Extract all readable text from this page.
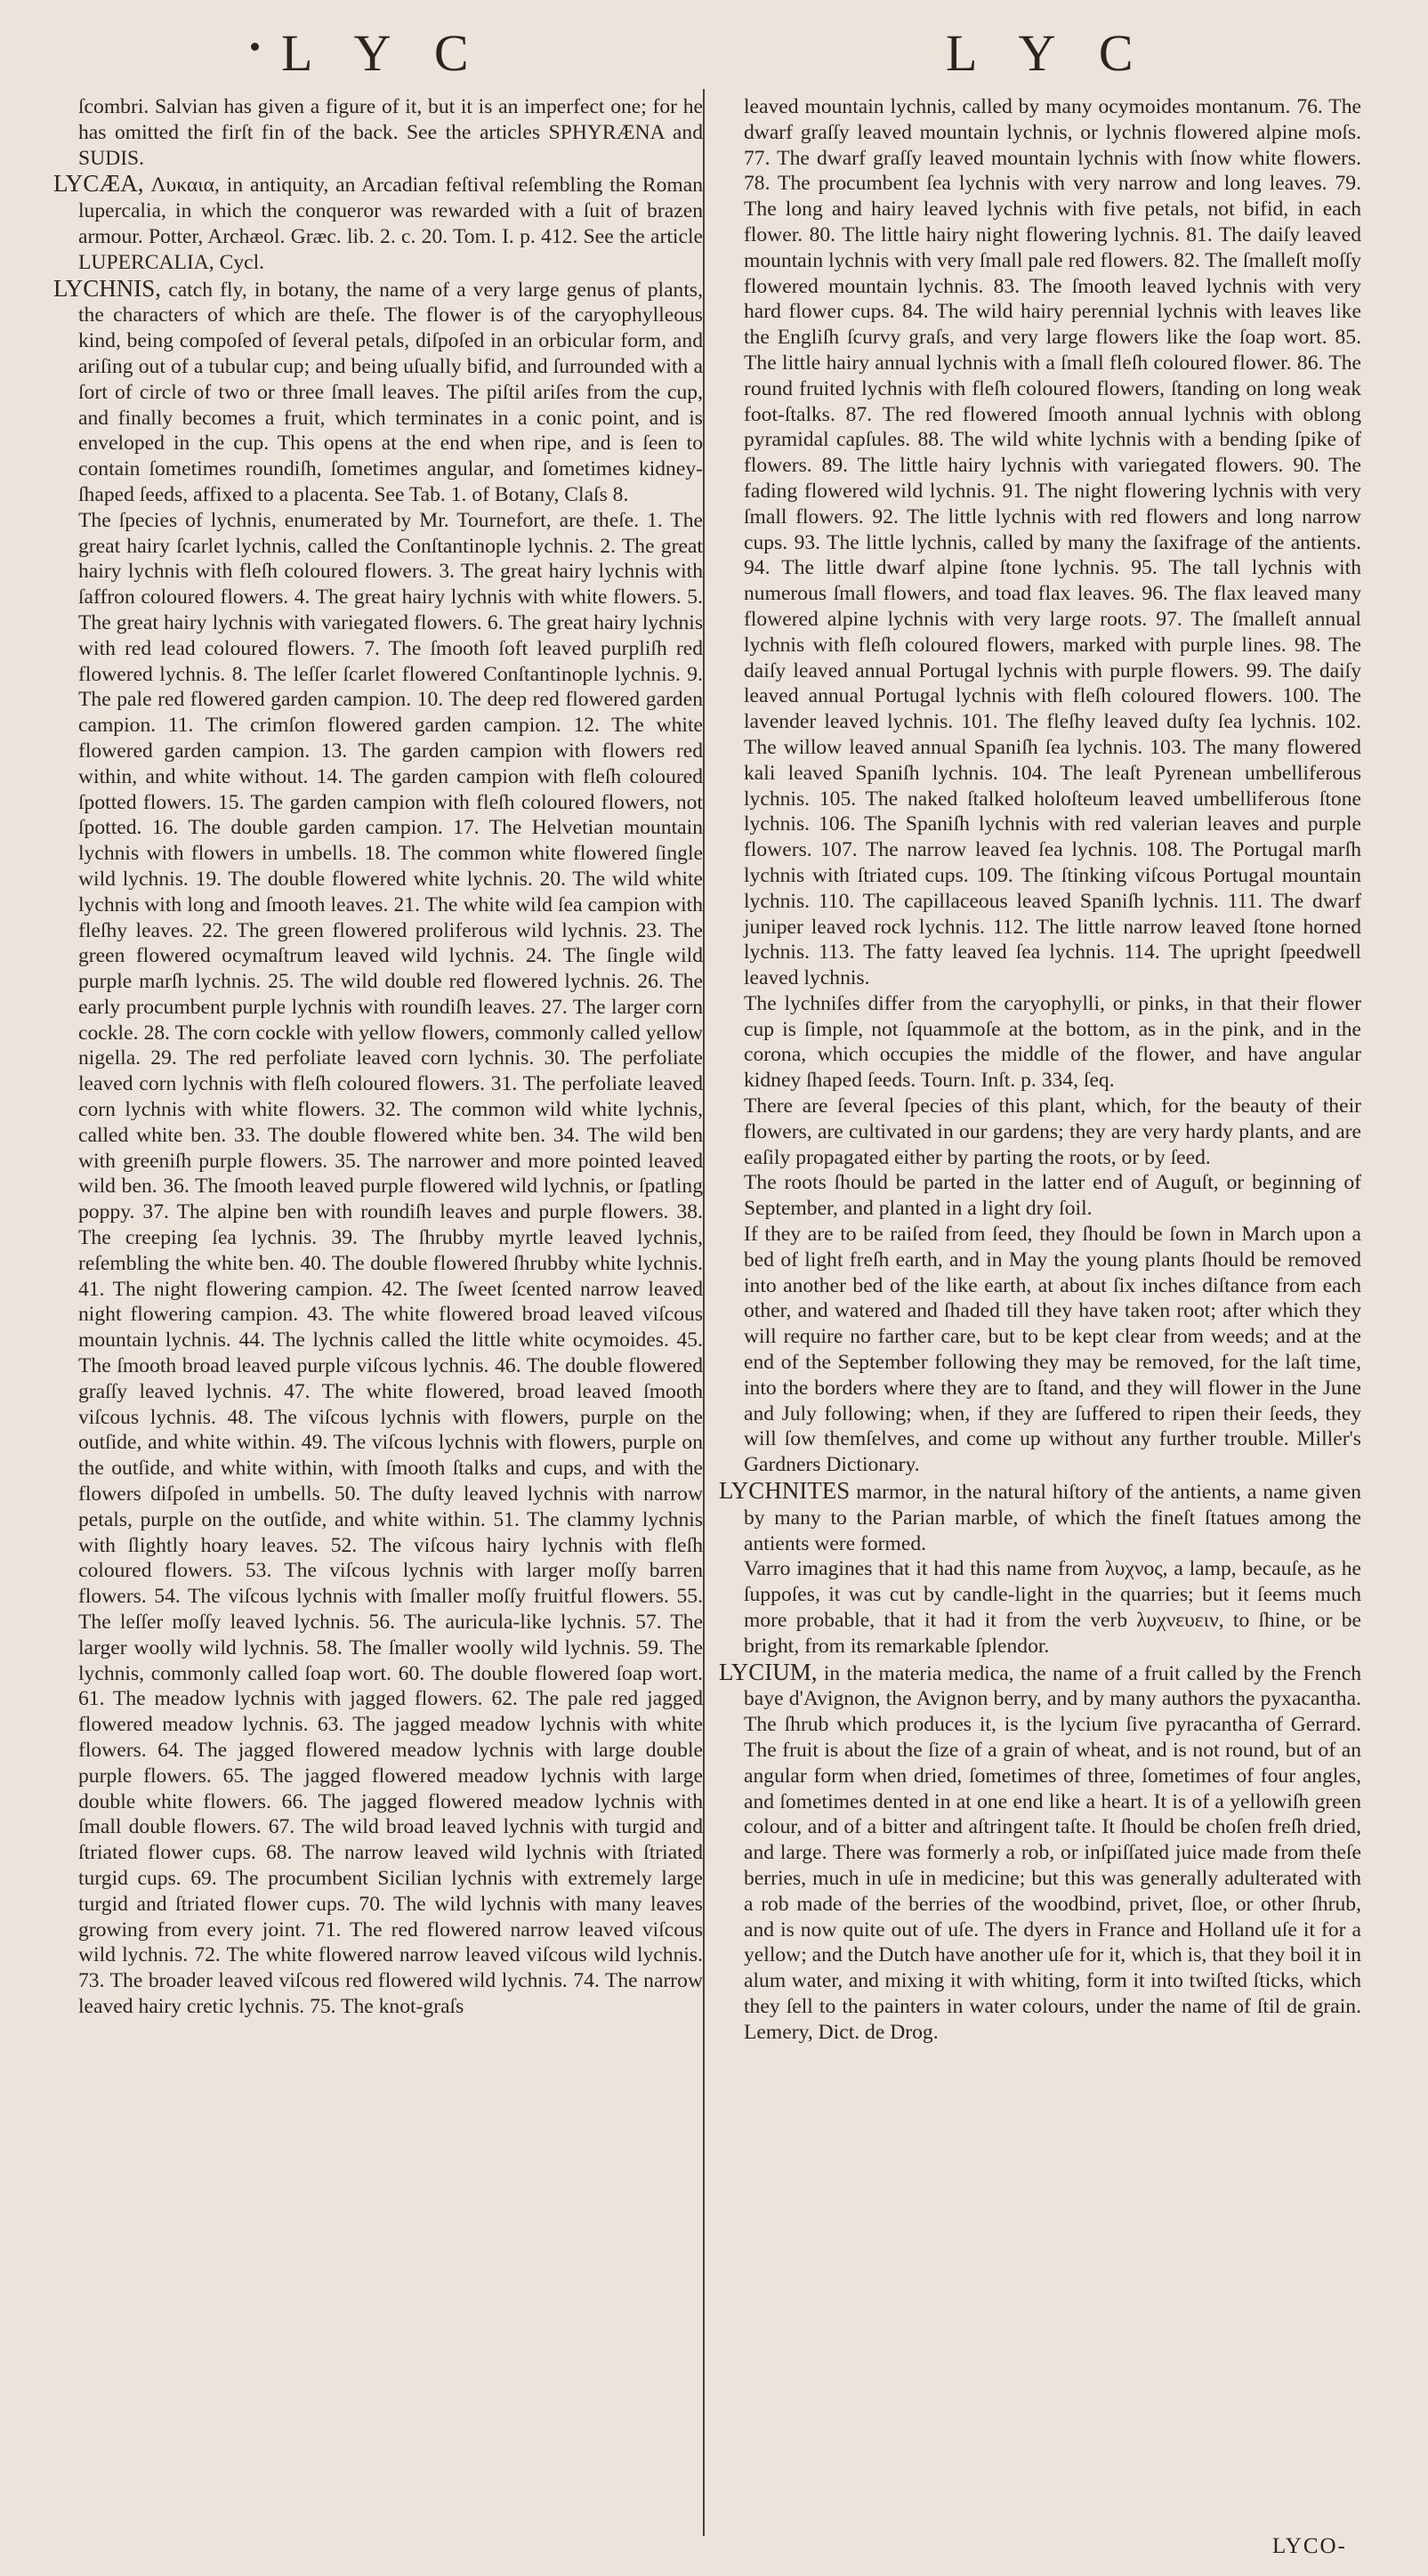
L Y C	L Y C

ſcombri. Salvian has given a figure of it, but it is an imperfect one; for he has omitted the firſt fin of the back. See the articles SPHYRÆNA and SUDIS.

LYCÆA, Λυκαια, in antiquity, an Arcadian feſtival reſembling the Roman lupercalia, in which the conqueror was rewarded with a ſuit of brazen armour. Potter, Archæol. Græc. lib. 2. c. 20. Tom. I. p. 412. See the article LUPERCALIA, Cycl.

LYCHNIS, catch fly, in botany, the name of a very large genus of plants, the characters of which are theſe. The flower is of the caryophylleous kind, being compoſed of ſeveral petals, diſpoſed in an orbicular form, and ariſing out of a tubular cup; and being uſually bifid, and ſurrounded with a ſort of circle of two or three ſmall leaves. The piſtil ariſes from the cup, and finally becomes a fruit, which terminates in a conic point, and is enveloped in the cup. This opens at the end when ripe, and is ſeen to contain ſometimes roundiſh, ſometimes angular, and ſometimes kidney-ſhaped ſeeds, affixed to a placenta. See Tab. 1. of Botany, Claſs 8.

The ſpecies of lychnis, enumerated by Mr. Tournefort, are theſe. 1. The great hairy ſcarlet lychnis, called the Conſtantinople lychnis. 2. The great hairy lychnis with fleſh coloured flowers. 3. The great hairy lychnis with ſaffron coloured flowers. 4. The great hairy lychnis with white flowers. 5. The great hairy lychnis with variegated flowers. 6. The great hairy lychnis with red lead coloured flowers. 7. The ſmooth ſoft leaved purpliſh red flowered lychnis. 8. The leſſer ſcarlet flowered Conſtantinople lychnis. 9. The pale red flowered garden campion. 10. The deep red flowered garden campion. 11. The crimſon flowered garden campion. 12. The white flowered garden campion. 13. The garden campion with flowers red within, and white without. 14. The garden campion with fleſh coloured ſpotted flowers. 15. The garden campion with fleſh coloured flowers, not ſpotted. 16. The double garden campion. 17. The Helvetian mountain lychnis with flowers in umbells. 18. The common white flowered ſingle wild lychnis. 19. The double flowered white lychnis. 20. The wild white lychnis with long and ſmooth leaves. 21. The white wild ſea campion with fleſhy leaves. 22. The green flowered proliferous wild lychnis. 23. The green flowered ocymaſtrum leaved wild lychnis. 24. The ſingle wild purple marſh lychnis. 25. The wild double red flowered lychnis. 26. The early procumbent purple lychnis with roundiſh leaves. 27. The larger corn cockle. 28. The corn cockle with yellow flowers, commonly called yellow nigella. 29. The red perfoliate leaved corn lychnis. 30. The perfoliate leaved corn lychnis with fleſh coloured flowers. 31. The perfoliate leaved corn lychnis with white flowers. 32. The common wild white lychnis, called white ben. 33. The double flowered white ben. 34. The wild ben with greeniſh purple flowers. 35. The narrower and more pointed leaved wild ben. 36. The ſmooth leaved purple flowered wild lychnis, or ſpatling poppy. 37. The alpine ben with roundiſh leaves and purple flowers. 38. The creeping ſea lychnis. 39. The ſhrubby myrtle leaved lychnis, reſembling the white ben. 40. The double flowered ſhrubby white lychnis. 41. The night flowering campion. 42. The ſweet ſcented narrow leaved night flowering campion. 43. The white flowered broad leaved viſcous mountain lychnis. 44. The lychnis called the little white ocymoides. 45. The ſmooth broad leaved purple viſcous lychnis. 46. The double flowered graſſy leaved lychnis. 47. The white flowered, broad leaved ſmooth viſcous lychnis. 48. The viſcous lychnis with flowers, purple on the outſide, and white within. 49. The viſcous lychnis with flowers, purple on the outſide, and white within, with ſmooth ſtalks and cups, and with the flowers diſpoſed in umbells. 50. The duſty leaved lychnis with narrow petals, purple on the outſide, and white within. 51. The clammy lychnis with ſlightly hoary leaves. 52. The viſcous hairy lychnis with fleſh coloured flowers. 53. The viſcous lychnis with larger moſſy barren flowers. 54. The viſcous lychnis with ſmaller moſſy fruitful flowers. 55. The leſſer moſſy leaved lychnis. 56. The auricula-like lychnis. 57. The larger woolly wild lychnis. 58. The ſmaller woolly wild lychnis. 59. The lychnis, commonly called ſoap wort. 60. The double flowered ſoap wort. 61. The meadow lychnis with jagged flowers. 62. The pale red jagged flowered meadow lychnis. 63. The jagged meadow lychnis with white flowers. 64. The jagged flowered meadow lychnis with large double purple flowers. 65. The jagged flowered meadow lychnis with large double white flowers. 66. The jagged flowered meadow lychnis with ſmall double flowers. 67. The wild broad leaved lychnis with turgid and ſtriated flower cups. 68. The narrow leaved wild lychnis with ſtriated turgid cups. 69. The procumbent Sicilian lychnis with extremely large turgid and ſtriated flower cups. 70. The wild lychnis with many leaves growing from every joint. 71. The red flowered narrow leaved viſcous wild lychnis. 72. The white flowered narrow leaved viſcous wild lychnis. 73. The broader leaved viſcous red flowered wild lychnis. 74. The narrow leaved hairy cretic lychnis. 75. The knot-graſs

leaved mountain lychnis, called by many ocymoides montanum. 76. The dwarf graſſy leaved mountain lychnis, or lychnis flowered alpine moſs. 77. The dwarf graſſy leaved mountain lychnis with ſnow white flowers. 78. The procumbent ſea lychnis with very narrow and long leaves. 79. The long and hairy leaved lychnis with five petals, not bifid, in each flower. 80. The little hairy night flowering lychnis. 81. The daiſy leaved mountain lychnis with very ſmall pale red flowers. 82. The ſmalleſt moſſy flowered mountain lychnis. 83. The ſmooth leaved lychnis with very hard flower cups. 84. The wild hairy perennial lychnis with leaves like the Engliſh ſcurvy graſs, and very large flowers like the ſoap wort. 85. The little hairy annual lychnis with a ſmall fleſh coloured flower. 86. The round fruited lychnis with fleſh coloured flowers, ſtanding on long weak foot-ſtalks. 87. The red flowered ſmooth annual lychnis with oblong pyramidal capſules. 88. The wild white lychnis with a bending ſpike of flowers. 89. The little hairy lychnis with variegated flowers. 90. The fading flowered wild lychnis. 91. The night flowering lychnis with very ſmall flowers. 92. The little lychnis with red flowers and long narrow cups. 93. The little lychnis, called by many the ſaxifrage of the antients. 94. The little dwarf alpine ſtone lychnis. 95. The tall lychnis with numerous ſmall flowers, and toad flax leaves. 96. The flax leaved many flowered alpine lychnis with very large roots. 97. The ſmalleſt annual lychnis with fleſh coloured flowers, marked with purple lines. 98. The daiſy leaved annual Portugal lychnis with purple flowers. 99. The daiſy leaved annual Portugal lychnis with fleſh coloured flowers. 100. The lavender leaved lychnis. 101. The fleſhy leaved duſty ſea lychnis. 102. The willow leaved annual Spaniſh ſea lychnis. 103. The many flowered kali leaved Spaniſh lychnis. 104. The leaſt Pyrenean umbelliferous lychnis. 105. The naked ſtalked holoſteum leaved umbelliferous ſtone lychnis. 106. The Spaniſh lychnis with red valerian leaves and purple flowers. 107. The narrow leaved ſea lychnis. 108. The Portugal marſh lychnis with ſtriated cups. 109. The ſtinking viſcous Portugal mountain lychnis. 110. The capillaceous leaved Spaniſh lychnis. 111. The dwarf juniper leaved rock lychnis. 112. The little narrow leaved ſtone horned lychnis. 113. The fatty leaved ſea lychnis. 114. The upright ſpeedwell leaved lychnis.

The lychniſes differ from the caryophylli, or pinks, in that their flower cup is ſimple, not ſquammoſe at the bottom, as in the pink, and in the corona, which occupies the middle of the flower, and have angular kidney ſhaped ſeeds. Tourn. Inſt. p. 334, ſeq.

There are ſeveral ſpecies of this plant, which, for the beauty of their flowers, are cultivated in our gardens; they are very hardy plants, and are eaſily propagated either by parting the roots, or by ſeed.

The roots ſhould be parted in the latter end of Auguſt, or beginning of September, and planted in a light dry ſoil.

If they are to be raiſed from ſeed, they ſhould be ſown in March upon a bed of light freſh earth, and in May the young plants ſhould be removed into another bed of the like earth, at about ſix inches diſtance from each other, and watered and ſhaded till they have taken root; after which they will require no farther care, but to be kept clear from weeds; and at the end of the September following they may be removed, for the laſt time, into the borders where they are to ſtand, and they will flower in the June and July following; when, if they are ſuffered to ripen their ſeeds, they will ſow themſelves, and come up without any further trouble. Miller's Gardners Dictionary.

LYCHNITES marmor, in the natural hiſtory of the antients, a name given by many to the Parian marble, of which the fineſt ſtatues among the antients were formed.

Varro imagines that it had this name from λυχνος, a lamp, becauſe, as he ſuppoſes, it was cut by candle-light in the quarries; but it ſeems much more probable, that it had it from the verb λυχνευειν, to ſhine, or be bright, from its remarkable ſplendor.

LYCIUM, in the materia medica, the name of a fruit called by the French baye d'Avignon, the Avignon berry, and by many authors the pyxacantha. The ſhrub which produces it, is the lycium ſive pyracantha of Gerrard. The fruit is about the ſize of a grain of wheat, and is not round, but of an angular form when dried, ſometimes of three, ſometimes of four angles, and ſometimes dented in at one end like a heart. It is of a yellowiſh green colour, and of a bitter and aſtringent taſte. It ſhould be choſen freſh dried, and large. There was formerly a rob, or inſpiſſated juice made from theſe berries, much in uſe in medicine; but this was generally adulterated with a rob made of the berries of the woodbind, privet, ſloe, or other ſhrub, and is now quite out of uſe. The dyers in France and Holland uſe it for a yellow; and the Dutch have another uſe for it, which is, that they boil it in alum water, and mixing it with whiting, form it into twiſted ſticks, which they ſell to the painters in water colours, under the name of ſtil de grain. Lemery, Dict. de Drog.

LYCO-
